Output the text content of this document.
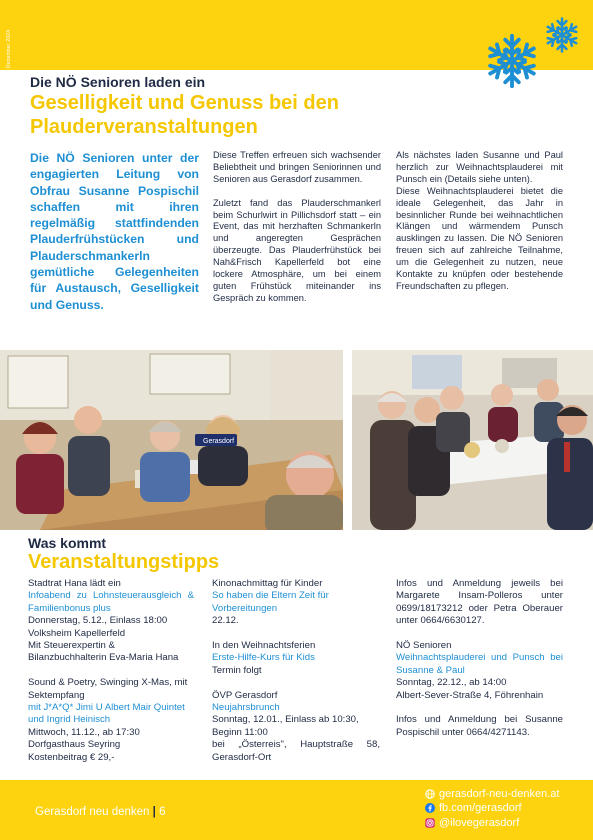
Dezember 2024
Die NÖ Senioren laden ein
Geselligkeit und Genuss bei den
Plauderveranstaltungen
Die NÖ Senioren unter der engagierten Leitung von Obfrau Susanne Pospischil schaffen mit ihren regelmäßig stattfindenden Plauderfrühstücken und Plauderschmankerln gemütliche Gelegenheiten für Austausch, Geselligkeit und Genuss.

Diese Treffen erfreuen sich wachsender Beliebtheit und bringen Seniorinnen und Senioren aus Gerasdorf zusammen.

Zuletzt fand das Plauderschmankerl beim Schurlwirt in Pillichsdorf statt – ein Event, das mit herzhaften Schmankerln und angeregten Gesprächen überzeugte. Das Plauderfrühstück bei Nah&Frisch Kapellerfeld bot eine lockere Atmosphäre, um bei einem guten Frühstück miteinander ins Gespräch zu kommen.

Als nächstes laden Susanne und Paul herzlich zur Weihnachtsplauderei mit Punsch ein (Details siehe unten).

Diese Weihnachtsplauderei bietet die ideale Gelegenheit, das Jahr in besinnlicher Runde bei weihnachtlichen Klängen und wärmendem Punsch ausklingen zu lassen. Die NÖ Senioren freuen sich auf zahlreiche Teilnahme, um die Gelegenheit zu nutzen, neue Kontakte zu knüpfen oder bestehende Freundschaften zu pflegen.

Gerasdorf
Was kommt
Veranstaltungstipps
Stadtrat Hana lädt ein
Infoabend zu Lohnsteuerausgleich & Familienbonus plus
Donnerstag, 5.12., Einlass 18:00
Volksheim Kapellerfeld
Mit Steuerexpertin & Bilanzbuchhalterin Eva-Maria Hana
Sound & Poetry, Swinging X-Mas, mit Sektempfang
mit J*A*Q* Jimi U Albert Mair Quintet und Ingrid Heinisch
Mittwoch, 11.12., ab 17:30
Dorfgasthaus Seyring
Kostenbeitrag € 29,-
Kinonachmittag für Kinder
So haben die Eltern Zeit für Vorbereitungen
22.12.
In den Weihnachtsferien
Erste-Hilfe-Kurs für Kids
Termin folgt
ÖVP Gerasdorf
Neujahrsbrunch
Sonntag, 12.01., Einlass ab 10:30, Beginn 11:00
bei „Österreis", Hauptstraße 58, Gerasdorf-Ort
Infos und Anmeldung jeweils bei Margarete Insam-Polleros unter 0699/18173212 oder Petra Oberauer unter 0664/6630127.
NÖ Senioren
Weihnachtsplauderei und Punsch bei Susanne & Paul
Sonntag, 22.12., ab 14:00
Albert-Sever-Straße 4, Föhrenhain
Infos und Anmeldung bei Susanne Pospischil unter 0664/4271143.
Gerasdorf neu denken | 6
gerasdorf-neu-denken.at
fb.com/gerasdorf
@ilovegerasdorf
